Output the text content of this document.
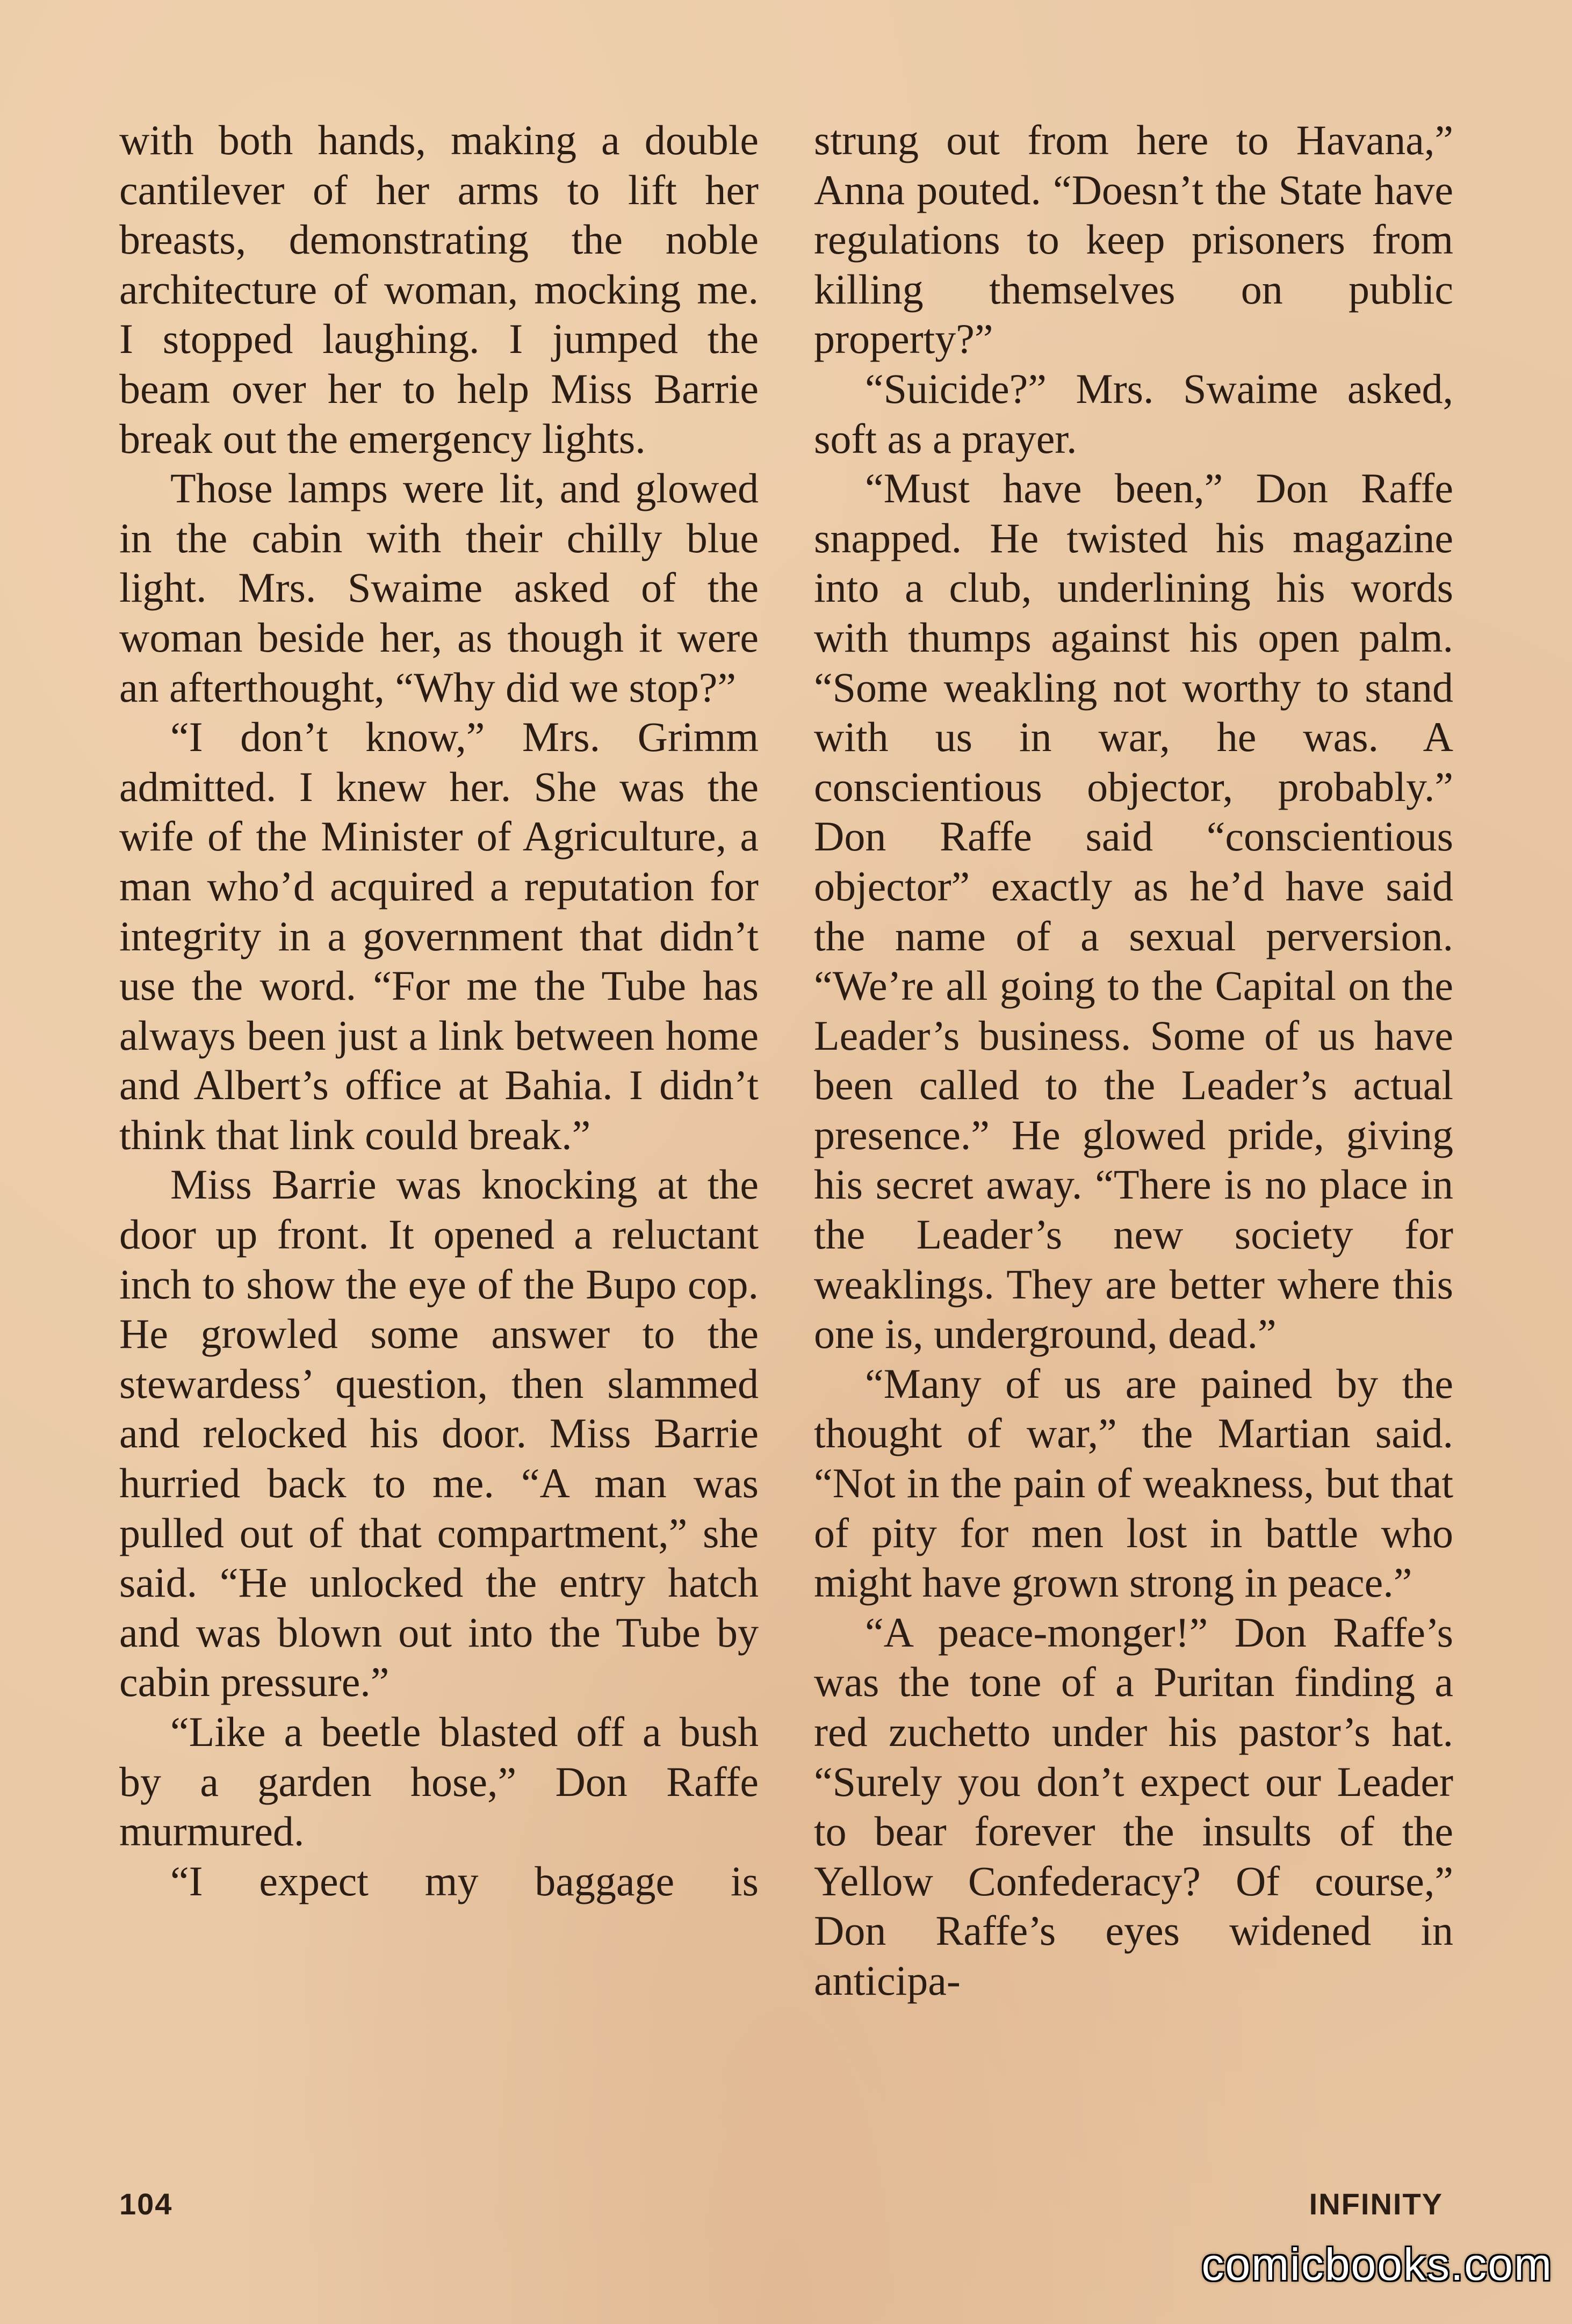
with both hands, making a double cantilever of her arms to lift her breasts, demonstrating the noble architecture of woman, mocking me. I stopped laughing. I jumped the beam over her to help Miss Barrie break out the emergency lights.

Those lamps were lit, and glowed in the cabin with their chilly blue light. Mrs. Swaime asked of the woman beside her, as though it were an afterthought, “Why did we stop?”

“I don’t know,” Mrs. Grimm admitted. I knew her. She was the wife of the Minister of Agriculture, a man who’d acquired a reputation for integrity in a government that didn’t use the word. “For me the Tube has always been just a link between home and Albert’s office at Bahia. I didn’t think that link could break.”

Miss Barrie was knocking at the door up front. It opened a reluctant inch to show the eye of the Bupo cop. He growled some answer to the stewardess’ question, then slammed and relocked his door. Miss Barrie hurried back to me. “A man was pulled out of that compartment,” she said. “He unlocked the entry hatch and was blown out into the Tube by cabin pressure.”

“Like a beetle blasted off a bush by a garden hose,” Don Raffe murmured.

“I expect my baggage is

strung out from here to Havana,” Anna pouted. “Doesn’t the State have regulations to keep prisoners from killing themselves on public property?”

“Suicide?” Mrs. Swaime asked, soft as a prayer.

“Must have been,” Don Raffe snapped. He twisted his magazine into a club, underlining his words with thumps against his open palm. “Some weakling not worthy to stand with us in war, he was. A conscientious objector, probably.” Don Raffe said “conscientious objector” exactly as he’d have said the name of a sexual perversion. “We’re all going to the Capital on the Leader’s business. Some of us have been called to the Leader’s actual presence.” He glowed pride, giving his secret away. “There is no place in the Leader’s new society for weaklings. They are better where this one is, underground, dead.”

“Many of us are pained by the thought of war,” the Martian said. “Not in the pain of weakness, but that of pity for men lost in battle who might have grown strong in peace.”

“A peace-monger!” Don Raffe’s was the tone of a Puritan finding a red zuchetto under his pastor’s hat. “Surely you don’t expect our Leader to bear forever the insults of the Yellow Confederacy? Of course,” Don Raffe’s eyes widened in anticipa-

104	INFINITY
comicbooks.com
